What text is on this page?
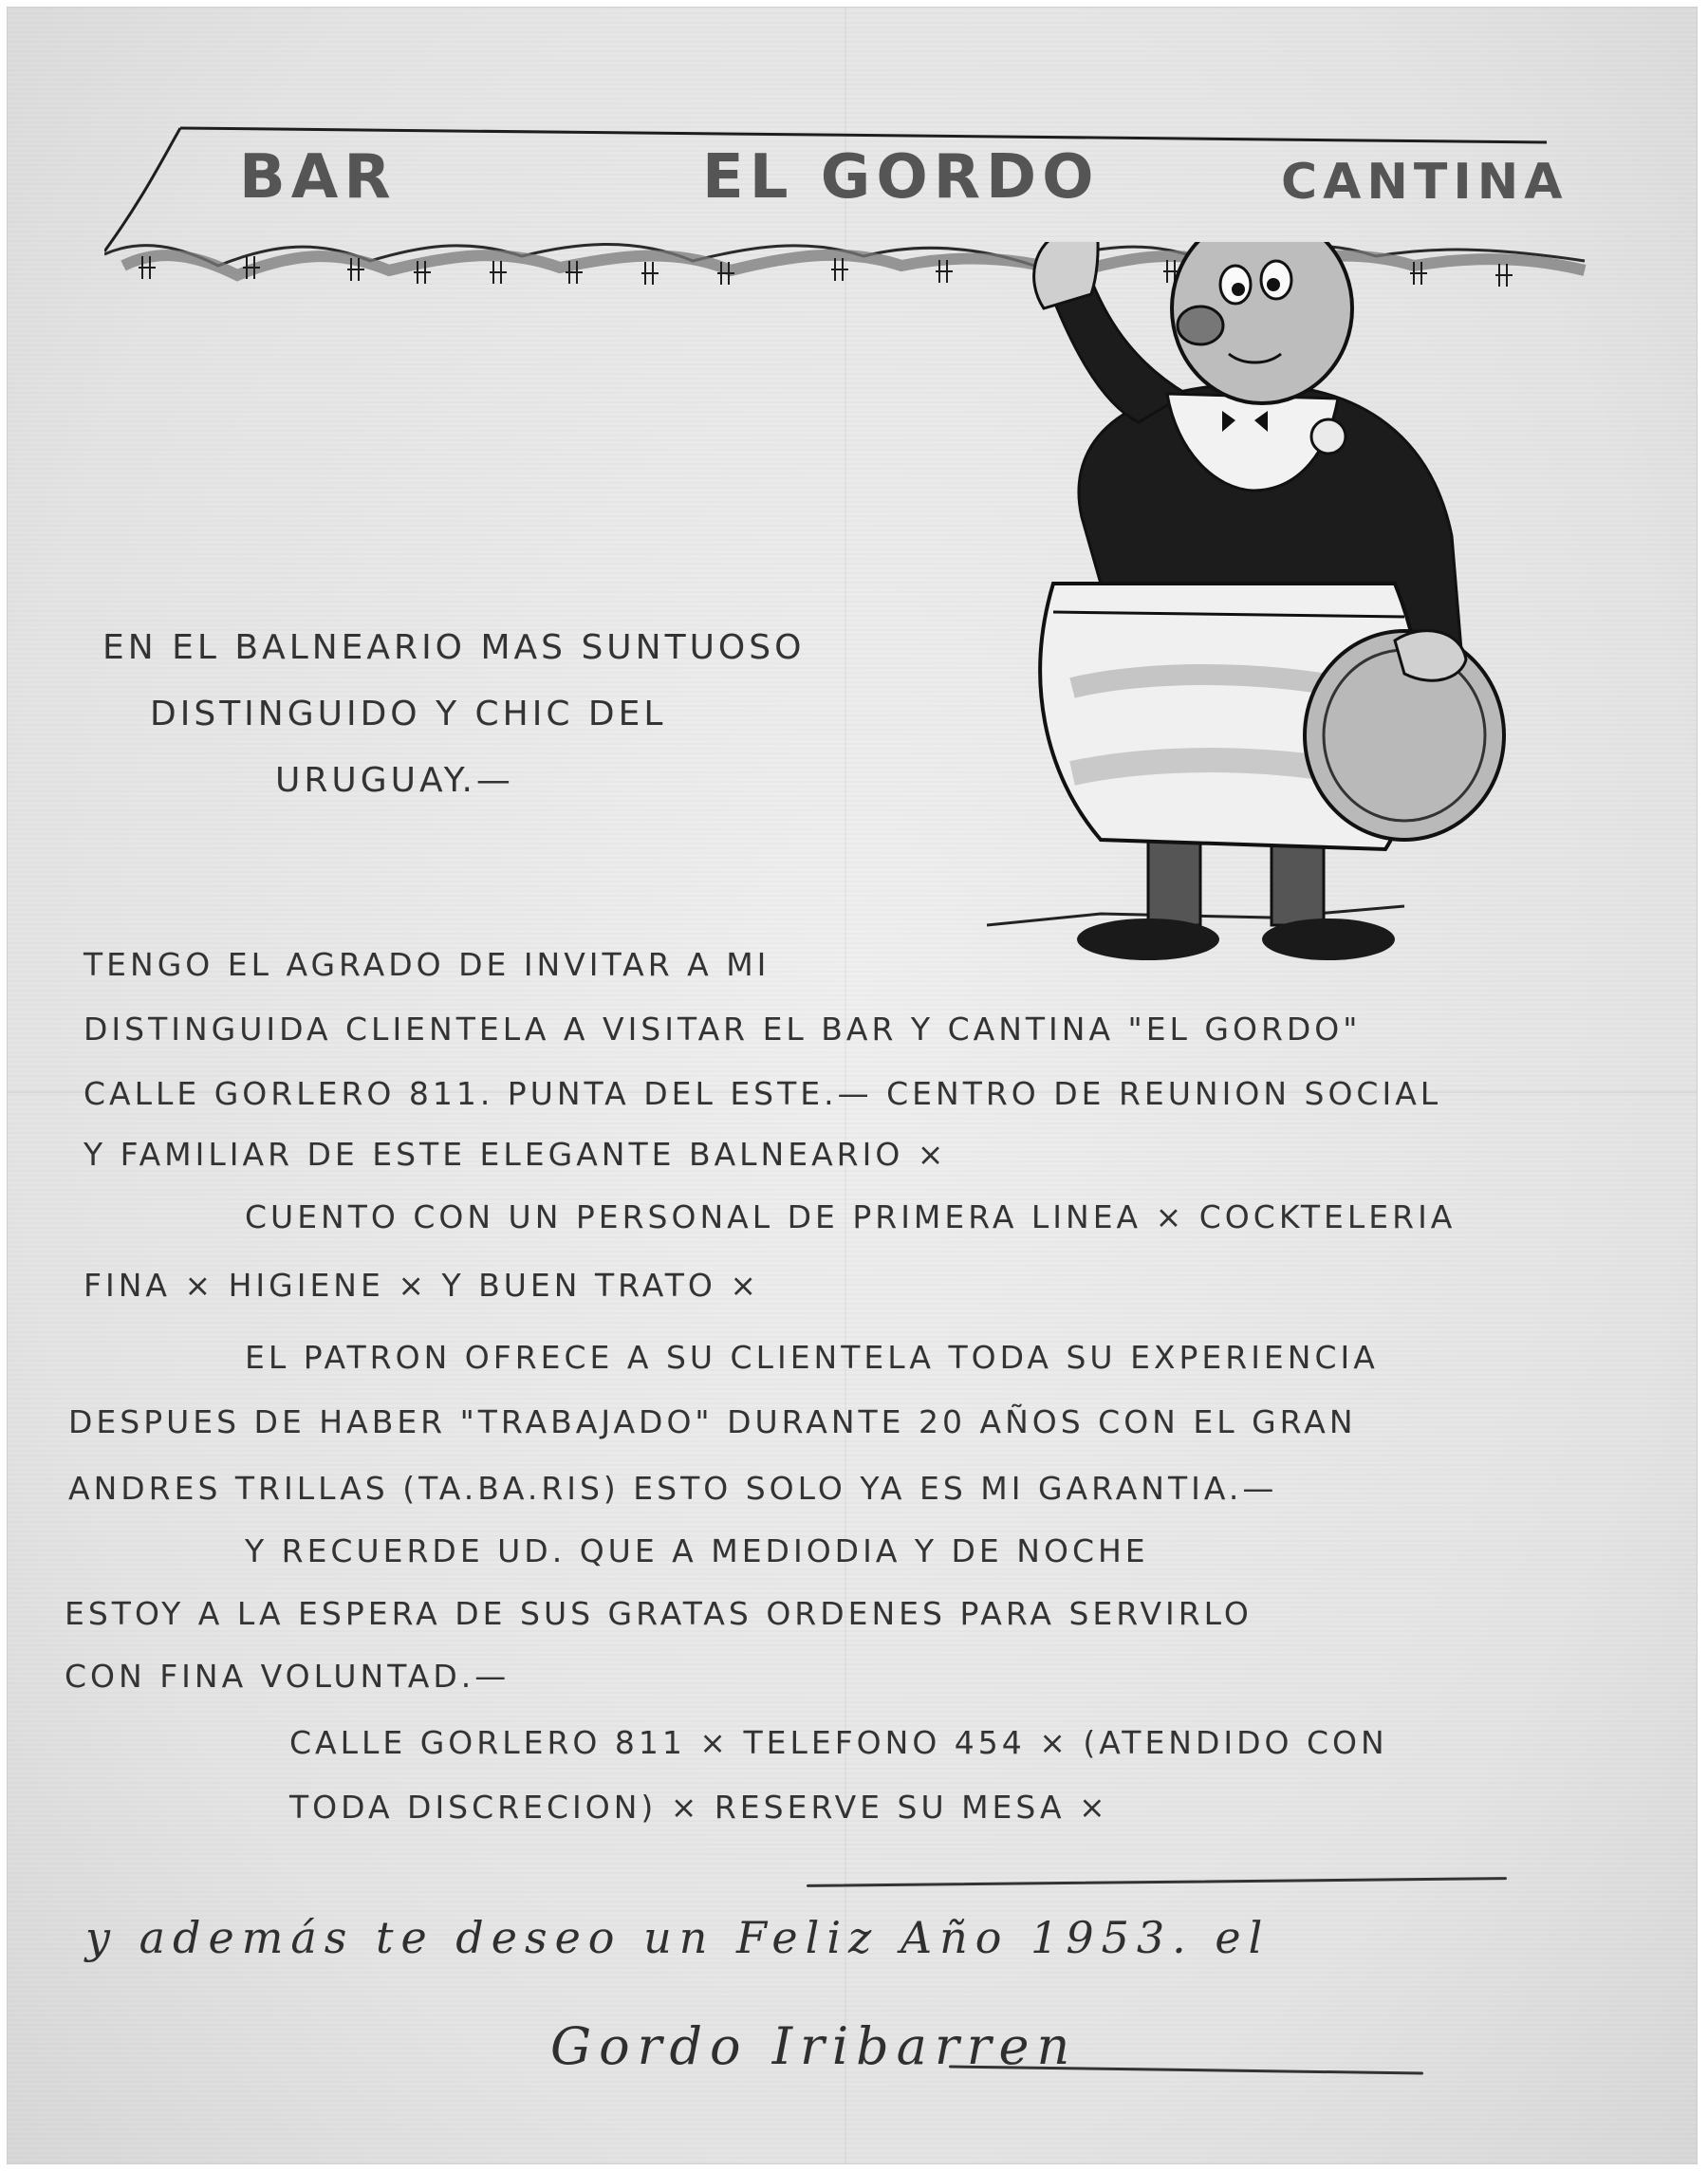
BAR	EL GORDO	CANTINA

EN EL BALNEARIO MAS SUNTUOSO

DISTINGUIDO Y CHIC DEL

URUGUAY.—

TENGO EL AGRADO DE INVITAR A MI

DISTINGUIDA CLIENTELA A VISITAR EL BAR Y CANTINA "EL GORDO"

CALLE GORLERO 811. PUNTA DEL ESTE.— CENTRO DE REUNION SOCIAL

Y FAMILIAR DE ESTE ELEGANTE BALNEARIO ×

CUENTO CON UN PERSONAL DE PRIMERA LINEA × COCKTELERIA

FINA × HIGIENE × Y BUEN TRATO ×

EL PATRON OFRECE A SU CLIENTELA TODA SU EXPERIENCIA

DESPUES DE HABER "TRABAJADO" DURANTE 20 AÑOS CON EL GRAN

ANDRES TRILLAS (TA.BA.RIS) ESTO SOLO YA ES MI GARANTIA.—

Y RECUERDE UD. QUE A MEDIODIA Y DE NOCHE

ESTOY A LA ESPERA DE SUS GRATAS ORDENES PARA SERVIRLO

CON FINA VOLUNTAD.—

CALLE GORLERO 811 × TELEFONO 454 × (ATENDIDO CON

TODA DISCRECION) × RESERVE SU MESA ×

y además te deseo un Feliz Año 1953. el

Gordo Iribarren
